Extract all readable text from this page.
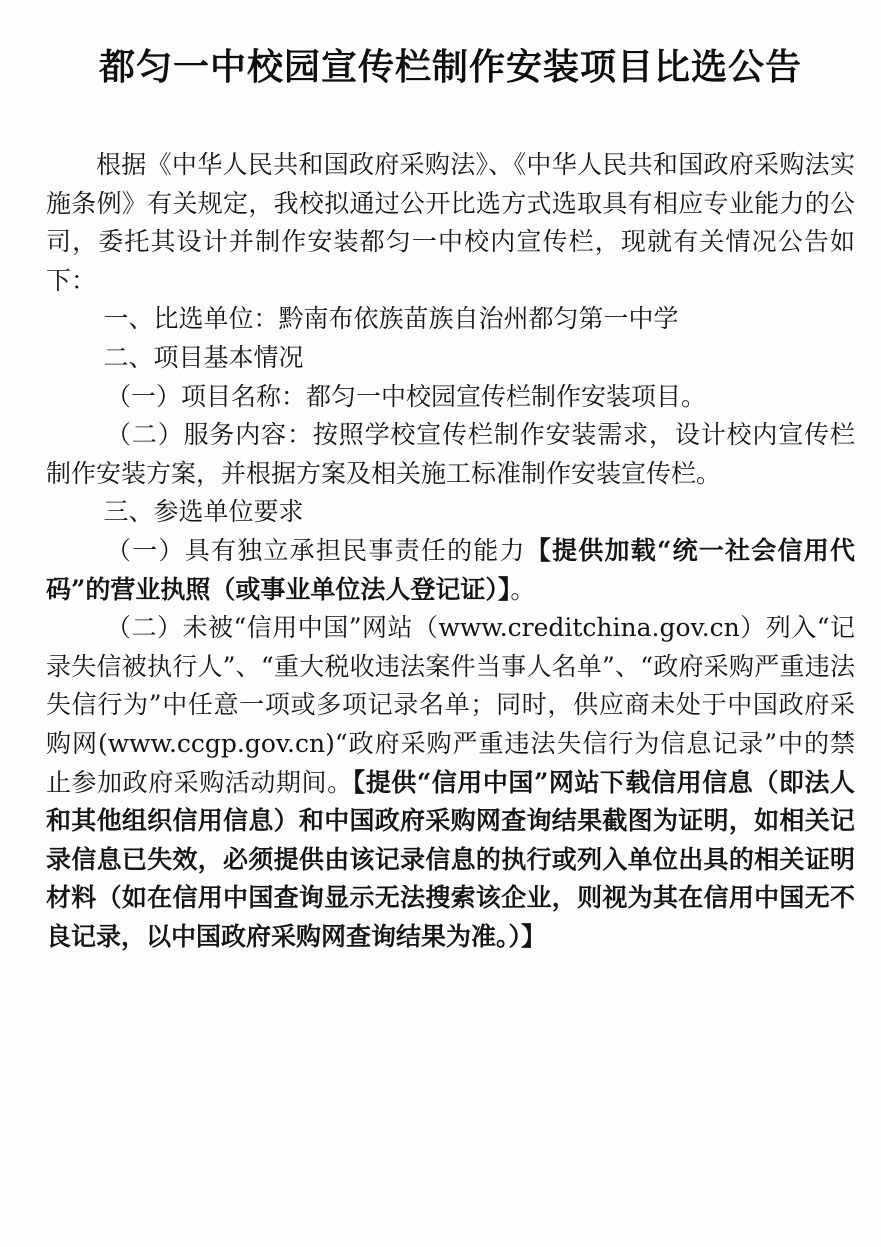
都匀一中校园宣传栏制作安装项目比选公告

根据《中华人民共和国政府采购法》、《中华人民共和国政府采购法实施条例》有关规定，我校拟通过公开比选方式选取具有相应专业能力的公司，委托其设计并制作安装都匀一中校内宣传栏，现就有关情况公告如下：

一、比选单位：黔南布依族苗族自治州都匀第一中学

二、项目基本情况

（一）项目名称：都匀一中校园宣传栏制作安装项目。

（二）服务内容：按照学校宣传栏制作安装需求，设计校内宣传栏制作安装方案，并根据方案及相关施工标准制作安装宣传栏。

三、参选单位要求

（一）具有独立承担民事责任的能力【提供加载“统一社会信用代码”的营业执照（或事业单位法人登记证）】。

（二）未被“信用中国”网站（www.creditchina.gov.cn）列入“记录失信被执行人”、“重大税收违法案件当事人名单”、“政府采购严重违法失信行为”中任意一项或多项记录名单；同时，供应商未处于中国政府采购网(www.ccgp.gov.cn)“政府采购严重违法失信行为信息记录”中的禁止参加政府采购活动期间。【提供“信用中国”网站下载信用信息（即法人和其他组织信用信息）和中国政府采购网查询结果截图为证明，如相关记录信息已失效，必须提供由该记录信息的执行或列入单位出具的相关证明材料（如在信用中国查询显示无法搜索该企业，则视为其在信用中国无不良记录，以中国政府采购网查询结果为准。）】
